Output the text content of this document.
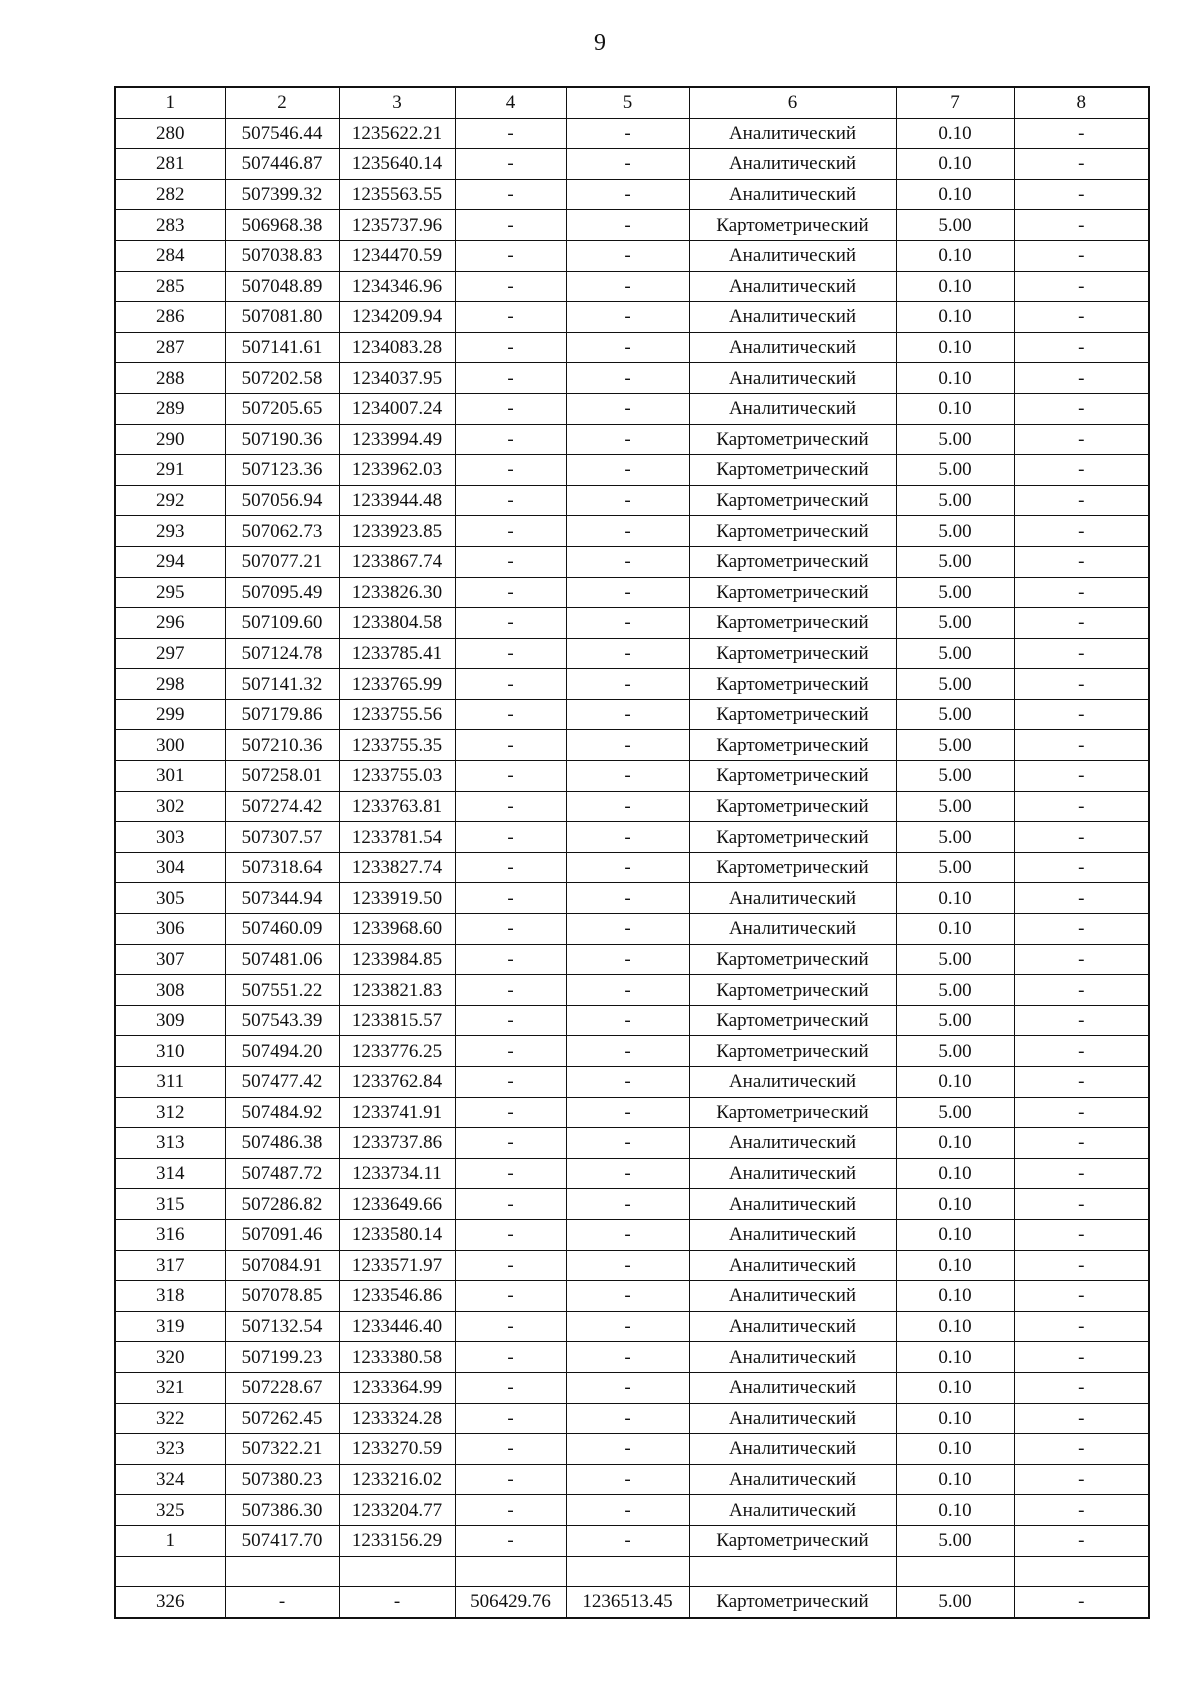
9
1	2	3	4	5	6	7	8
280	507546.44	1235622.21	-	-	Аналитический	0.10	-
281	507446.87	1235640.14	-	-	Аналитический	0.10	-
282	507399.32	1235563.55	-	-	Аналитический	0.10	-
283	506968.38	1235737.96	-	-	Картометрический	5.00	-
284	507038.83	1234470.59	-	-	Аналитический	0.10	-
285	507048.89	1234346.96	-	-	Аналитический	0.10	-
286	507081.80	1234209.94	-	-	Аналитический	0.10	-
287	507141.61	1234083.28	-	-	Аналитический	0.10	-
288	507202.58	1234037.95	-	-	Аналитический	0.10	-
289	507205.65	1234007.24	-	-	Аналитический	0.10	-
290	507190.36	1233994.49	-	-	Картометрический	5.00	-
291	507123.36	1233962.03	-	-	Картометрический	5.00	-
292	507056.94	1233944.48	-	-	Картометрический	5.00	-
293	507062.73	1233923.85	-	-	Картометрический	5.00	-
294	507077.21	1233867.74	-	-	Картометрический	5.00	-
295	507095.49	1233826.30	-	-	Картометрический	5.00	-
296	507109.60	1233804.58	-	-	Картометрический	5.00	-
297	507124.78	1233785.41	-	-	Картометрический	5.00	-
298	507141.32	1233765.99	-	-	Картометрический	5.00	-
299	507179.86	1233755.56	-	-	Картометрический	5.00	-
300	507210.36	1233755.35	-	-	Картометрический	5.00	-
301	507258.01	1233755.03	-	-	Картометрический	5.00	-
302	507274.42	1233763.81	-	-	Картометрический	5.00	-
303	507307.57	1233781.54	-	-	Картометрический	5.00	-
304	507318.64	1233827.74	-	-	Картометрический	5.00	-
305	507344.94	1233919.50	-	-	Аналитический	0.10	-
306	507460.09	1233968.60	-	-	Аналитический	0.10	-
307	507481.06	1233984.85	-	-	Картометрический	5.00	-
308	507551.22	1233821.83	-	-	Картометрический	5.00	-
309	507543.39	1233815.57	-	-	Картометрический	5.00	-
310	507494.20	1233776.25	-	-	Картометрический	5.00	-
311	507477.42	1233762.84	-	-	Аналитический	0.10	-
312	507484.92	1233741.91	-	-	Картометрический	5.00	-
313	507486.38	1233737.86	-	-	Аналитический	0.10	-
314	507487.72	1233734.11	-	-	Аналитический	0.10	-
315	507286.82	1233649.66	-	-	Аналитический	0.10	-
316	507091.46	1233580.14	-	-	Аналитический	0.10	-
317	507084.91	1233571.97	-	-	Аналитический	0.10	-
318	507078.85	1233546.86	-	-	Аналитический	0.10	-
319	507132.54	1233446.40	-	-	Аналитический	0.10	-
320	507199.23	1233380.58	-	-	Аналитический	0.10	-
321	507228.67	1233364.99	-	-	Аналитический	0.10	-
322	507262.45	1233324.28	-	-	Аналитический	0.10	-
323	507322.21	1233270.59	-	-	Аналитический	0.10	-
324	507380.23	1233216.02	-	-	Аналитический	0.10	-
325	507386.30	1233204.77	-	-	Аналитический	0.10	-
1	507417.70	1233156.29	-	-	Картометрический	5.00	-

326	-	-	506429.76	1236513.45	Картометрический	5.00	-
